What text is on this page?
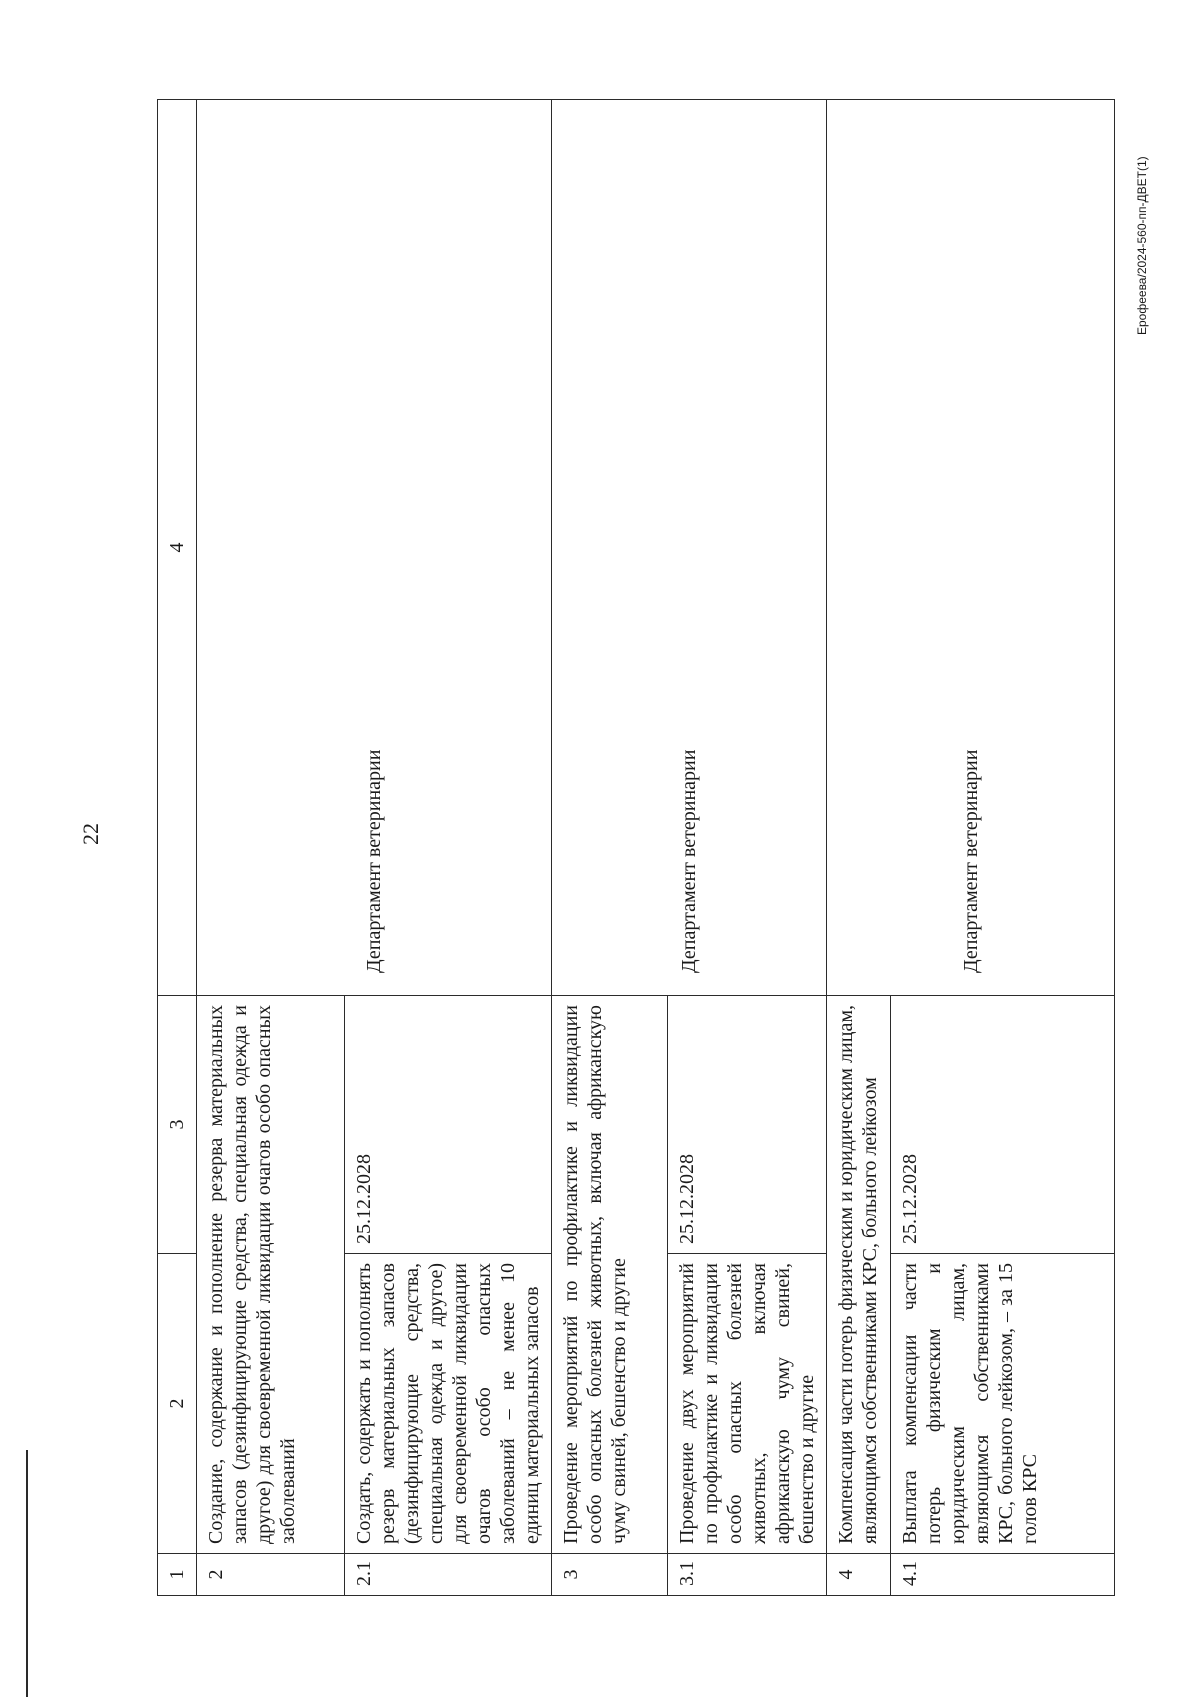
22
Ерофеева/2024-560-пп-ДВЕТ(1)
1	2	3	4
2	Создание, содержание и пополнение резерва материальных запасов (дезинфицирующие средства, специальная одежда и другое) для своевременной ликвидации очагов особо опасных заболеваний		Департамент ветеринарии
2.1	Создать, содержать и пополнять резерв материальных запасов (дезинфицирующие средства, специальная одежда и другое) для своевременной ликвидации очагов особо опасных заболеваний – не менее 10 единиц материальных запасов	25.12.2028	
3	Проведение мероприятий по профилактике и ликвидации особо опасных болезней животных, включая африканскую чуму свиней, бешенство и другие		Департамент ветеринарии
3.1	Проведение двух мероприятий по профилактике и ликвидации особо опасных болезней животных, включая африканскую чуму свиней, бешенство и другие	25.12.2028	
4	Компенсация части потерь физическим и юридическим лицам, являющимся собственниками КРС, больного лейкозом		Департамент ветеринарии
4.1	Выплата компенсации части потерь физическим и юридическим лицам, являющимся собственниками КРС, больного лейкозом, – за 15 голов КРС	25.12.2028	
